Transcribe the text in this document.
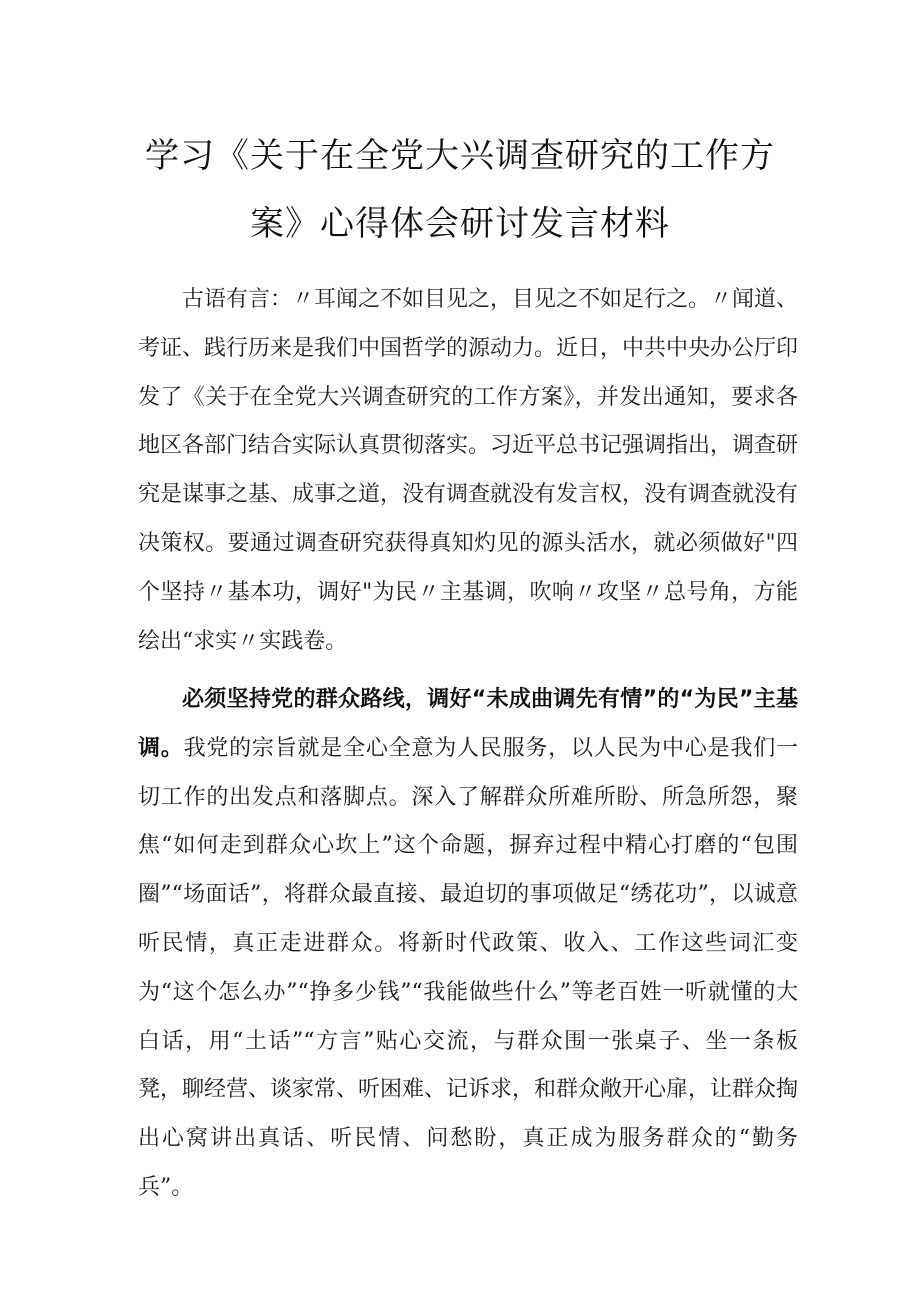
学习《关于在全党大兴调查研究的工作方
案》心得体会研讨发言材料

古语有言：〃耳闻之不如目见之，目见之不如足行之。〃闻道、考证、践行历来是我们中国哲学的源动力。近日，中共中央办公厅印发了《关于在全党大兴调查研究的工作方案》，并发出通知，要求各地区各部门结合实际认真贯彻落实。习近平总书记强调指出，调查研究是谋事之基、成事之道，没有调查就没有发言权，没有调查就没有决策权。要通过调查研究获得真知灼见的源头活水，就必须做好"四个坚持〃基本功，调好"为民〃主基调，吹响〃攻坚〃总号角，方能绘出“求实〃实践卷。

必须坚持党的群众路线，调好“未成曲调先有情”的“为民”主基调。我党的宗旨就是全心全意为人民服务，以人民为中心是我们一切工作的出发点和落脚点。深入了解群众所难所盼、所急所怨，聚焦“如何走到群众心坎上”这个命题，摒弃过程中精心打磨的“包围圈”“场面话”，将群众最直接、最迫切的事项做足“绣花功”，以诚意听民情，真正走进群众。将新时代政策、收入、工作这些词汇变为“这个怎么办”“挣多少钱”“我能做些什么”等老百姓一听就懂的大白话，用“土话”“方言”贴心交流，与群众围一张桌子、坐一条板凳，聊经营、谈家常、听困难、记诉求，和群众敞开心扉，让群众掏出心窝讲出真话、听民情、问愁盼，真正成为服务群众的“勤务兵”。
